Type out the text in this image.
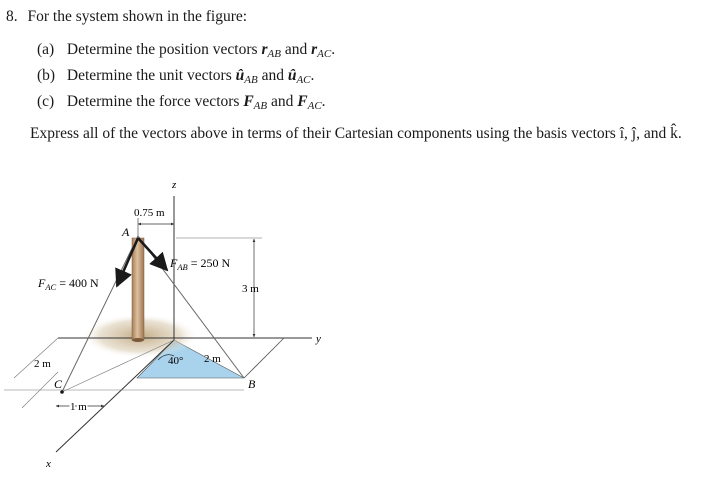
8. For the system shown in the figure:
(a) Determine the position vectors $r_{AB}$ and $r_{AC}$.
(b) Determine the unit vectors $û_{AB}$ and $û_{AC}$.
(c) Determine the force vectors $F_{AB}$ and $F_{AC}$.
Express all of the vectors above in terms of their Cartesian components using the basis vectors î, ĵ, and k̂.
z
y
x
A
B
C
0.75 m
$F_{AB} = 250$ N
$F_{AC} = 400$ N	3 m
40° 2 m
2 m
1 m
